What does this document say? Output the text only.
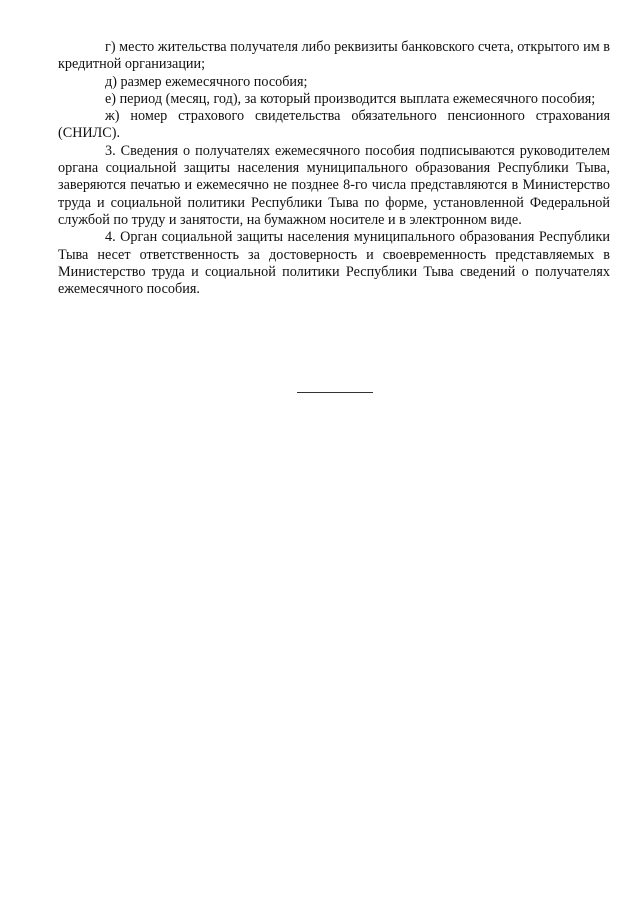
г) место жительства получателя либо реквизиты банковского счета, открытого им в кредитной организации;

д) размер ежемесячного пособия;

е) период (месяц, год), за который производится выплата ежемесячного пособия;

ж) номер страхового свидетельства обязательного пенсионного страхования (СНИЛС).

3. Сведения о получателях ежемесячного пособия подписываются руководителем органа социальной защиты населения муниципального образования Республики Тыва, заверяются печатью и ежемесячно не позднее 8-го числа представляются в Министерство труда и социальной политики Республики Тыва по форме, установленной Федеральной службой по труду и занятости, на бумажном носителе и в электронном виде.

4. Орган социальной защиты населения муниципального образования Республики Тыва несет ответственность за достоверность и своевременность представляемых в Министерство труда и социальной политики Республики Тыва сведений о получателях ежемесячного пособия.
